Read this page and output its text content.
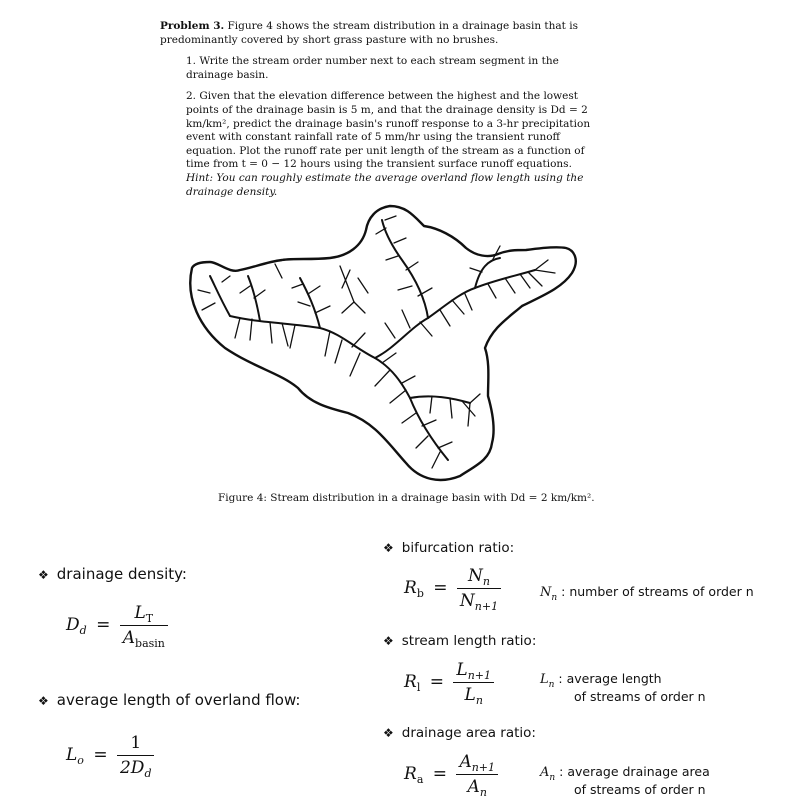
Problem 3. Figure 4 shows the stream distribution in a drainage basin that is predominantly covered by short grass pasture with no brushes.

1. Write the stream order number next to each stream segment in the drainage basin.
2. Given that the elevation difference between the highest and the lowest points of the drainage basin is 5 m, and that the drainage density is Dd = 2 km/km², predict the drainage basin's runoff response to a 3-hr precipitation event with constant rainfall rate of 5 mm/hr using the transient runoff equation. Plot the runoff rate per unit length of the stream as a function of time from t = 0 − 12 hours using the transient surface runoff equations. Hint: You can roughly estimate the average overland flow length using the drainage density.
Figure 4: Stream distribution in a drainage basin with Dd = 2 km/km².
❖ drainage density:
$D_d = \frac{L_T}{A_{basin}}$
❖ average length of overland flow:
$L_o = \frac{1}{2D_d}$
❖ bifurcation ratio:
$R_b = \frac{N_n}{N_{n+1}}$	$N_n$ : number of streams of order n
❖ stream length ratio:
$R_l = \frac{L_{n+1}}{L_n}$	$L_n$ : average length
of streams of order n
❖ drainage area ratio:
$R_a = \frac{A_{n+1}}{A_n}$	$A_n$ : average drainage area
of streams of order n
